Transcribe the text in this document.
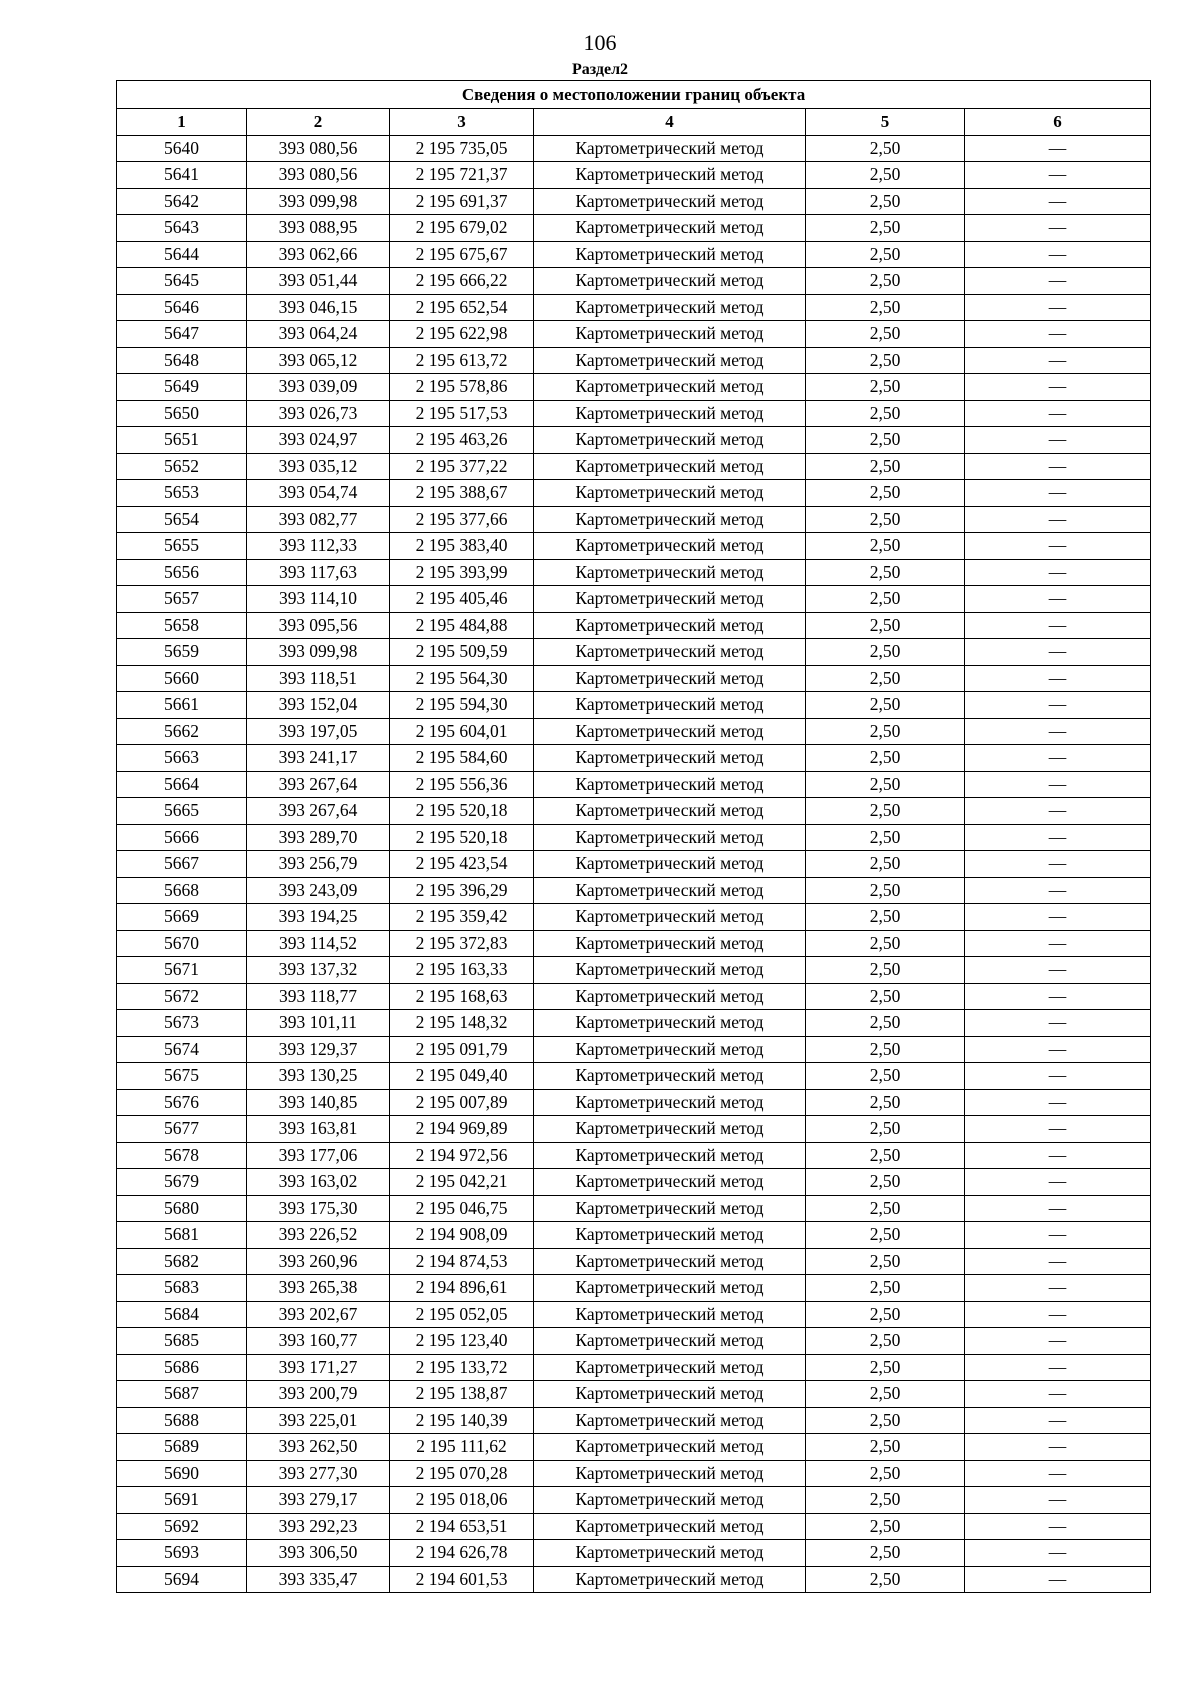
106
Раздел2
Сведения о местоположении границ объекта					
1	2	3	4	5	6
5640	393 080,56	2 195 735,05	Картометрический метод	2,50	—
5641	393 080,56	2 195 721,37	Картометрический метод	2,50	—
5642	393 099,98	2 195 691,37	Картометрический метод	2,50	—
5643	393 088,95	2 195 679,02	Картометрический метод	2,50	—
5644	393 062,66	2 195 675,67	Картометрический метод	2,50	—
5645	393 051,44	2 195 666,22	Картометрический метод	2,50	—
5646	393 046,15	2 195 652,54	Картометрический метод	2,50	—
5647	393 064,24	2 195 622,98	Картометрический метод	2,50	—
5648	393 065,12	2 195 613,72	Картометрический метод	2,50	—
5649	393 039,09	2 195 578,86	Картометрический метод	2,50	—
5650	393 026,73	2 195 517,53	Картометрический метод	2,50	—
5651	393 024,97	2 195 463,26	Картометрический метод	2,50	—
5652	393 035,12	2 195 377,22	Картометрический метод	2,50	—
5653	393 054,74	2 195 388,67	Картометрический метод	2,50	—
5654	393 082,77	2 195 377,66	Картометрический метод	2,50	—
5655	393 112,33	2 195 383,40	Картометрический метод	2,50	—
5656	393 117,63	2 195 393,99	Картометрический метод	2,50	—
5657	393 114,10	2 195 405,46	Картометрический метод	2,50	—
5658	393 095,56	2 195 484,88	Картометрический метод	2,50	—
5659	393 099,98	2 195 509,59	Картометрический метод	2,50	—
5660	393 118,51	2 195 564,30	Картометрический метод	2,50	—
5661	393 152,04	2 195 594,30	Картометрический метод	2,50	—
5662	393 197,05	2 195 604,01	Картометрический метод	2,50	—
5663	393 241,17	2 195 584,60	Картометрический метод	2,50	—
5664	393 267,64	2 195 556,36	Картометрический метод	2,50	—
5665	393 267,64	2 195 520,18	Картометрический метод	2,50	—
5666	393 289,70	2 195 520,18	Картометрический метод	2,50	—
5667	393 256,79	2 195 423,54	Картометрический метод	2,50	—
5668	393 243,09	2 195 396,29	Картометрический метод	2,50	—
5669	393 194,25	2 195 359,42	Картометрический метод	2,50	—
5670	393 114,52	2 195 372,83	Картометрический метод	2,50	—
5671	393 137,32	2 195 163,33	Картометрический метод	2,50	—
5672	393 118,77	2 195 168,63	Картометрический метод	2,50	—
5673	393 101,11	2 195 148,32	Картометрический метод	2,50	—
5674	393 129,37	2 195 091,79	Картометрический метод	2,50	—
5675	393 130,25	2 195 049,40	Картометрический метод	2,50	—
5676	393 140,85	2 195 007,89	Картометрический метод	2,50	—
5677	393 163,81	2 194 969,89	Картометрический метод	2,50	—
5678	393 177,06	2 194 972,56	Картометрический метод	2,50	—
5679	393 163,02	2 195 042,21	Картометрический метод	2,50	—
5680	393 175,30	2 195 046,75	Картометрический метод	2,50	—
5681	393 226,52	2 194 908,09	Картометрический метод	2,50	—
5682	393 260,96	2 194 874,53	Картометрический метод	2,50	—
5683	393 265,38	2 194 896,61	Картометрический метод	2,50	—
5684	393 202,67	2 195 052,05	Картометрический метод	2,50	—
5685	393 160,77	2 195 123,40	Картометрический метод	2,50	—
5686	393 171,27	2 195 133,72	Картометрический метод	2,50	—
5687	393 200,79	2 195 138,87	Картометрический метод	2,50	—
5688	393 225,01	2 195 140,39	Картометрический метод	2,50	—
5689	393 262,50	2 195 111,62	Картометрический метод	2,50	—
5690	393 277,30	2 195 070,28	Картометрический метод	2,50	—
5691	393 279,17	2 195 018,06	Картометрический метод	2,50	—
5692	393 292,23	2 194 653,51	Картометрический метод	2,50	—
5693	393 306,50	2 194 626,78	Картометрический метод	2,50	—
5694	393 335,47	2 194 601,53	Картометрический метод	2,50	—
